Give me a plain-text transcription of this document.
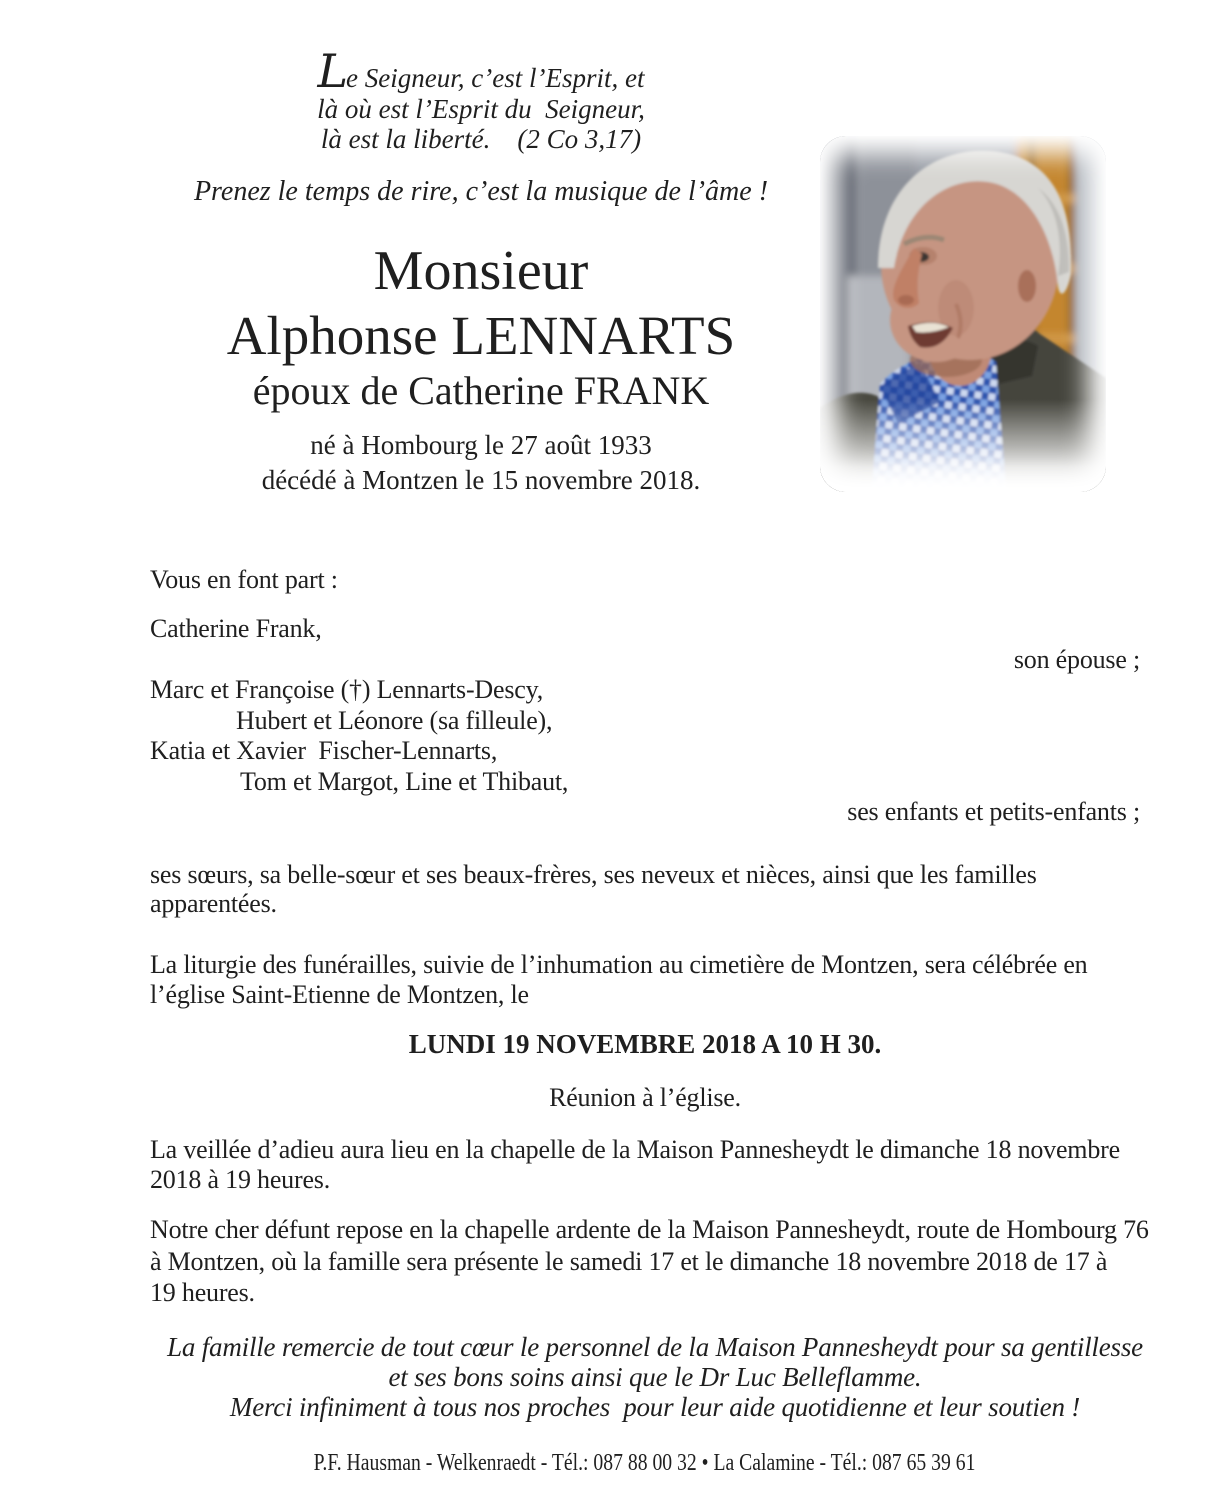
Le Seigneur, c’est l’Esprit, et
là où est l’Esprit du  Seigneur,
là est la liberté.    (2 Co 3,17)
Prenez le temps de rire, c’est la musique de l’âme !
Monsieur
Alphonse LENNARTS
époux de Catherine FRANK
né à Hombourg le 27 août 1933
décédé à Montzen le 15 novembre 2018.
Vous en font part :
Catherine Frank,
son épouse ;
Marc et Françoise (†) Lennarts-Descy,
Hubert et Léonore (sa filleule),
Katia et Xavier  Fischer-Lennarts,
Tom et Margot, Line et Thibaut,
ses enfants et petits-enfants ;
ses sœurs, sa belle-sœur et ses beaux-frères, ses neveux et nièces, ainsi que les familles
apparentées.
La liturgie des funérailles, suivie de l’inhumation au cimetière de Montzen, sera célébrée en
l’église Saint-Etienne de Montzen, le
LUNDI 19 NOVEMBRE 2018 A 10 H 30.
Réunion à l’église.
La veillée d’adieu aura lieu en la chapelle de la Maison Pannesheydt le dimanche 18 novembre
2018 à 19 heures.
Notre cher défunt repose en la chapelle ardente de la Maison Pannesheydt, route de Hombourg 76
à Montzen, où la famille sera présente le samedi 17 et le dimanche 18 novembre 2018 de 17 à
19 heures.
La famille remercie de tout cœur le personnel de la Maison Pannesheydt pour sa gentillesse
et ses bons soins ainsi que le Dr Luc Belleflamme.
Merci infiniment à tous nos proches  pour leur aide quotidienne et leur soutien !
P.F. Hausman - Welkenraedt - Tél.: 087 88 00 32 • La Calamine - Tél.: 087 65 39 61
